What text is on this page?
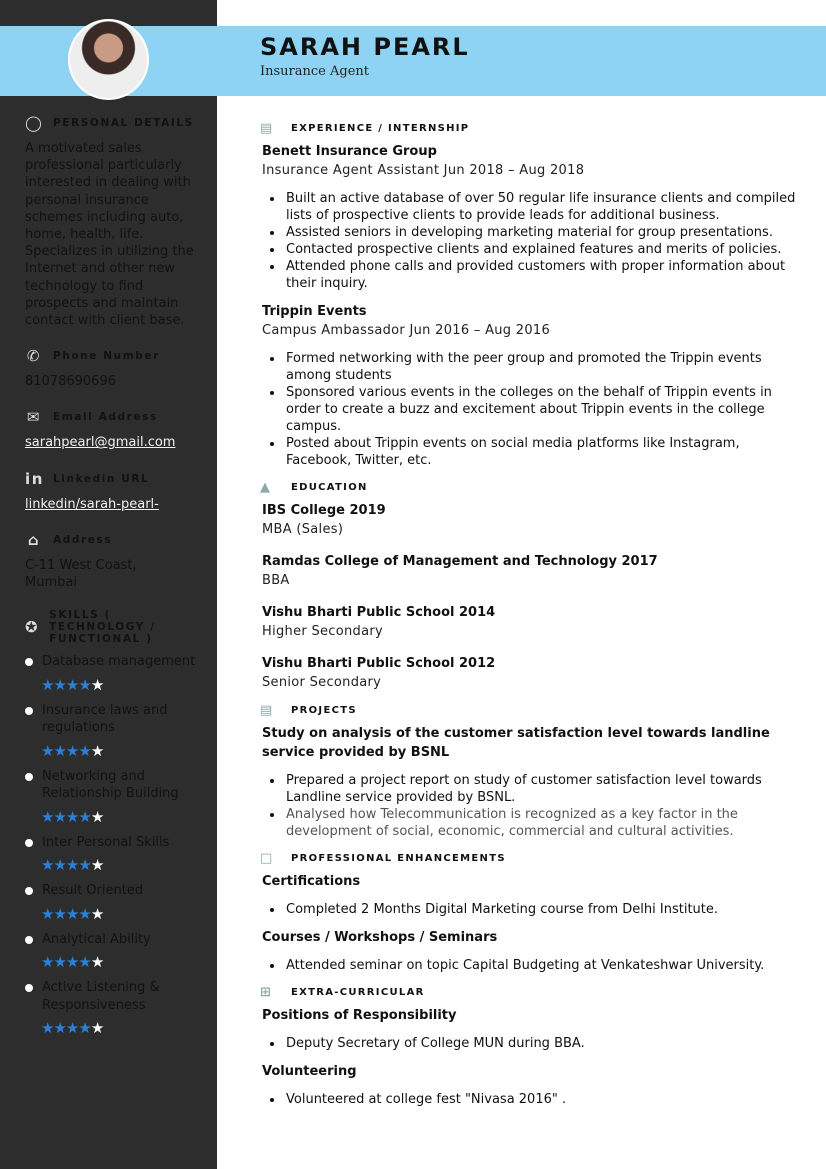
SARAH PEARL
Insurance Agent
◯ PERSONAL DETAILS
A motivated sales professional particularly interested in dealing with personal insurance schemes including auto, home, health, life. Specializes in utilizing the Internet and other new technology to find prospects and maintain contact with client base.
✆ Phone Number
81078690696
✉ Email Address
sarahpearl@gmail.com
in Linkedin URL
linkedin/sarah-pearl-
⌂ Address
C-11 West Coast, Mumbai
✪
SKILLS ( TECHNOLOGY / FUNCTIONAL )
Database management
★★★★★
Insurance laws and regulations
★★★★★
Networking and Relationship Building
★★★★★
Inter Personal Skills
★★★★★
Result Oriented
★★★★★
Analytical Ability
★★★★★
Active Listening & Responsiveness
★★★★★
▤ EXPERIENCE / INTERNSHIP
Benett Insurance Group
Insurance Agent Assistant Jun 2018 – Aug 2018
Built an active database of over 50 regular life insurance clients and compiled lists of prospective clients to provide leads for additional business.
Assisted seniors in developing marketing material for group presentations.
Contacted prospective clients and explained features and merits of policies.
Attended phone calls and provided customers with proper information about their inquiry.
Trippin Events
Campus Ambassador Jun 2016 – Aug 2016
Formed networking with the peer group and promoted the Trippin events among students
Sponsored various events in the colleges on the behalf of Trippin events in order to create a buzz and excitement about Trippin events in the college campus.
Posted about Trippin events on social media platforms like Instagram, Facebook, Twitter, etc.
▲	EDUCATION
IBS College 2019
MBA (Sales)
Ramdas College of Management and Technology 2017
BBA
Vishu Bharti Public School 2014
Higher Secondary
Vishu Bharti Public School 2012
Senior Secondary
▤ PROJECTS
Study on analysis of the customer satisfaction level towards landline service provided by BSNL
Prepared a project report on study of customer satisfaction level towards Landline service provided by BSNL.
Analysed how Telecommunication is recognized as a key factor in the development of social, economic, commercial and cultural activities.
□ PROFESSIONAL ENHANCEMENTS
Certifications
Completed 2 Months Digital Marketing course from Delhi Institute.
Courses / Workshops / Seminars
Attended seminar on topic Capital Budgeting at Venkateshwar University.
⊞	EXTRA-CURRICULAR
Positions of Responsibility
Deputy Secretary of College MUN during BBA.
Volunteering
Volunteered at college fest "Nivasa 2016" .
